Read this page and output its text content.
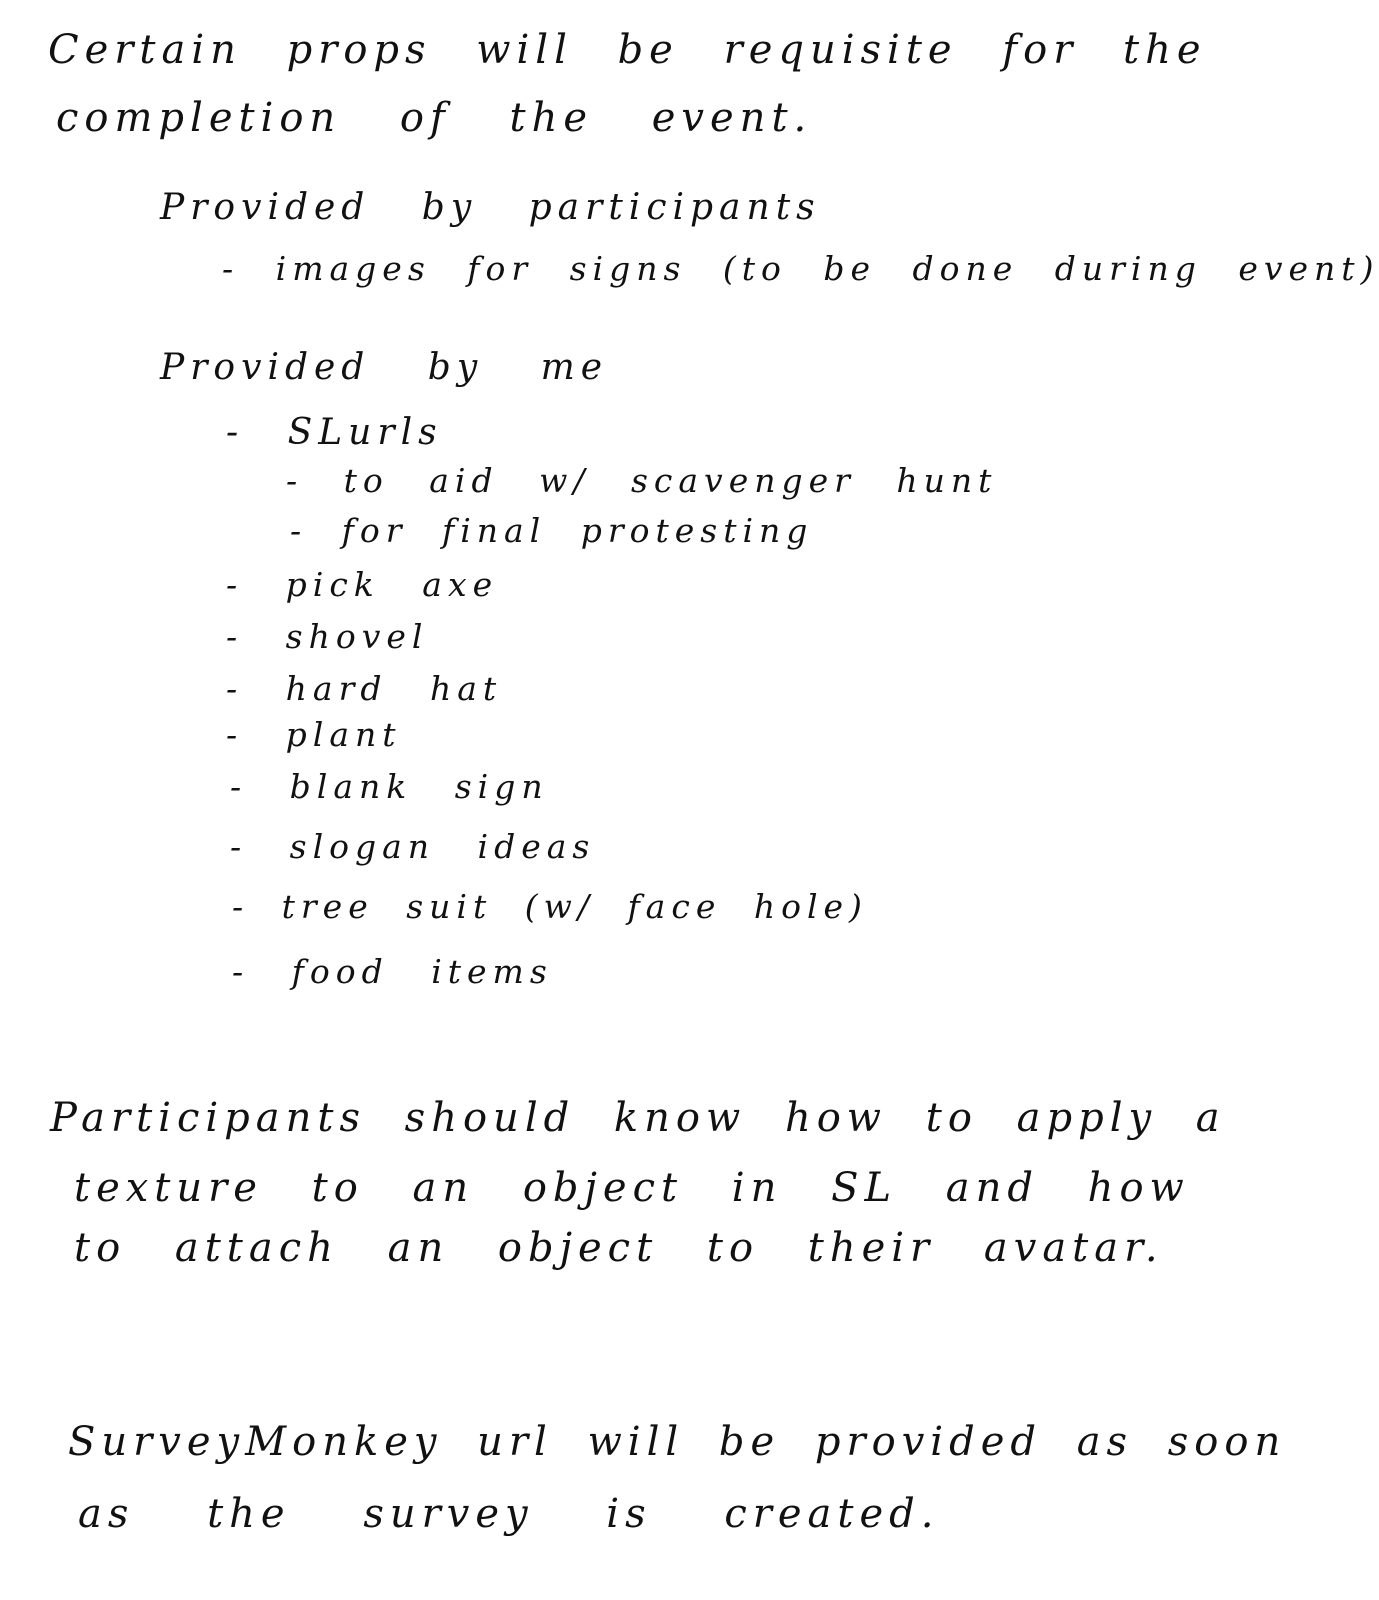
Certain props will be requisite for the
completion of the event.
Provided by participants
- images for signs (to be done during event)
Provided by me
- SLurls
- to aid w/ scavenger hunt
- for final protesting
- pick axe
- shovel
- hard hat
- plant
- blank sign
- slogan ideas
- tree suit (w/ face hole)
- food items
Participants should know how to apply a
texture to an object in SL and how
to attach an object to their avatar.
SurveyMonkey url will be provided as soon
as the survey is created.
